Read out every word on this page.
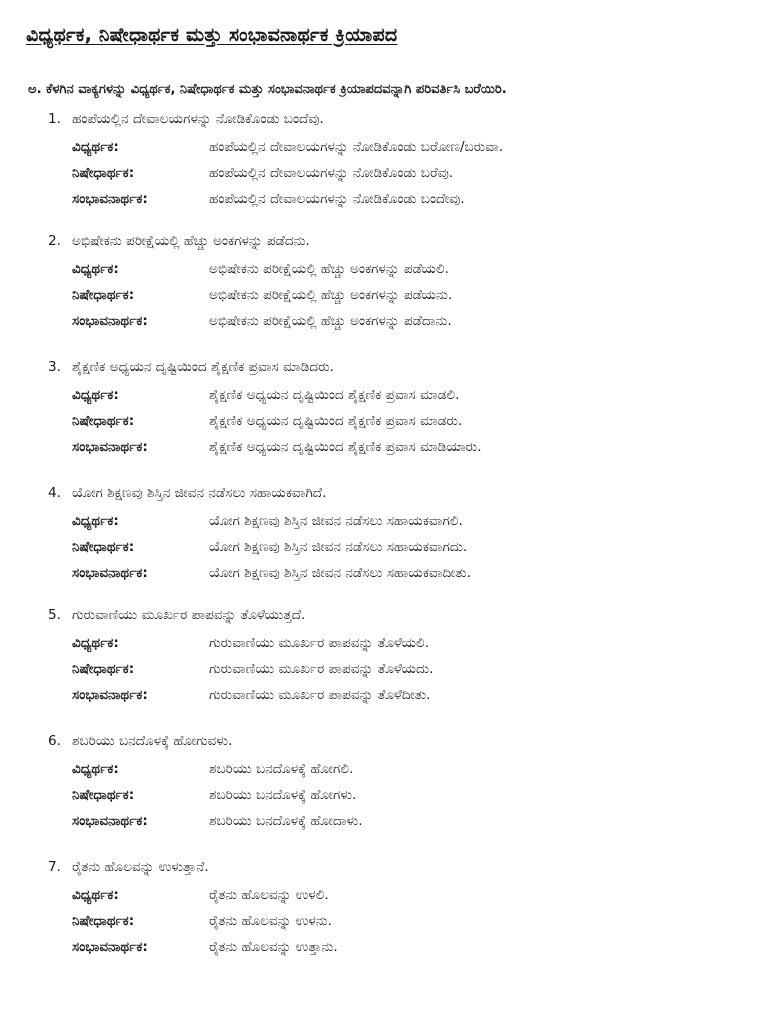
ವಿಧ್ಯರ್ಥಕ, ನಿಷೇಧಾರ್ಥಕ ಮತ್ತು ಸಂಭಾವನಾರ್ಥಕ ಕ್ರಿಯಾಪದ

ಅ. ಕೆಳಗಿನ ವಾಕ್ಯಗಳನ್ನು ವಿಧ್ಯರ್ಥಕ, ನಿಷೇಧಾರ್ಥಕ ಮತ್ತು ಸಂಭಾವನಾರ್ಥಕ ಕ್ರಿಯಾಪದವನ್ನಾಗಿ ಪರಿವರ್ತಿಸಿ ಬರೆಯಿರಿ.

1. ಹಂಪೆಯಲ್ಲಿನ ದೇವಾಲಯಗಳನ್ನು ನೋಡಿಕೊಂಡು ಬಂದೆವು.
ವಿಧ್ಯರ್ಥಕ:	ಹಂಪೆಯಲ್ಲಿನ ದೇವಾಲಯಗಳನ್ನು ನೋಡಿಕೊಂಡು ಬರೋಣ/ಬರುವಾ.
ನಿಷೇಧಾರ್ಥಕ:	ಹಂಪೆಯಲ್ಲಿನ ದೇವಾಲಯಗಳನ್ನು ನೋಡಿಕೊಂಡು ಬರೆವು.
ಸಂಭಾವನಾರ್ಥಕ:	ಹಂಪೆಯಲ್ಲಿನ ದೇವಾಲಯಗಳನ್ನು ನೋಡಿಕೊಂಡು ಬಂದೇವು.
2. ಅಭಿಷೇಕನು ಪರೀಕ್ಷೆಯಲ್ಲಿ ಹೆಚ್ಚು ಅಂಕಗಳನ್ನು ಪಡೆದನು.
ವಿಧ್ಯರ್ಥಕ:	ಅಭಿಷೇಕನು ಪರೀಕ್ಷೆಯಲ್ಲಿ ಹೆಚ್ಚು ಅಂಕಗಳನ್ನು ಪಡೆಯಲಿ.
ನಿಷೇಧಾರ್ಥಕ:	ಅಭಿಷೇಕನು ಪರೀಕ್ಷೆಯಲ್ಲಿ ಹೆಚ್ಚು ಅಂಕಗಳನ್ನು ಪಡೆಯನು.
ಸಂಭಾವನಾರ್ಥಕ:	ಅಭಿಷೇಕನು ಪರೀಕ್ಷೆಯಲ್ಲಿ ಹೆಚ್ಚು ಅಂಕಗಳನ್ನು ಪಡೆದಾನು.
3. ಶೈಕ್ಷಣಿಕ ಅಧ್ಯಯನ ದೃಷ್ಟಿಯಿಂದ ಶೈಕ್ಷಣಿಕ ಪ್ರವಾಸ ಮಾಡಿದರು.
ವಿಧ್ಯರ್ಥಕ:	ಶೈಕ್ಷಣಿಕ ಅಧ್ಯಯನ ದೃಷ್ಟಿಯಿಂದ ಶೈಕ್ಷಣಿಕ ಪ್ರವಾಸ ಮಾಡಲಿ.
ನಿಷೇಧಾರ್ಥಕ:	ಶೈಕ್ಷಣಿಕ ಅಧ್ಯಯನ ದೃಷ್ಟಿಯಿಂದ ಶೈಕ್ಷಣಿಕ ಪ್ರವಾಸ ಮಾಡರು.
ಸಂಭಾವನಾರ್ಥಕ:	ಶೈಕ್ಷಣಿಕ ಅಧ್ಯಯನ ದೃಷ್ಟಿಯಿಂದ ಶೈಕ್ಷಣಿಕ ಪ್ರವಾಸ ಮಾಡಿಯಾರು.
4. ಯೋಗ ಶಿಕ್ಷಣವು ಶಿಸ್ತಿನ ಜೀವನ ನಡೆಸಲು ಸಹಾಯಕವಾಗಿದೆ.
ವಿಧ್ಯರ್ಥಕ:	ಯೋಗ ಶಿಕ್ಷಣವು ಶಿಸ್ತಿನ ಜೀವನ ನಡೆಸಲು ಸಹಾಯಕವಾಗಲಿ.
ನಿಷೇಧಾರ್ಥಕ:	ಯೋಗ ಶಿಕ್ಷಣವು ಶಿಸ್ತಿನ ಜೀವನ ನಡೆಸಲು ಸಹಾಯಕವಾಗದು.
ಸಂಭಾವನಾರ್ಥಕ:	ಯೋಗ ಶಿಕ್ಷಣವು ಶಿಸ್ತಿನ ಜೀವನ ನಡೆಸಲು ಸಹಾಯಕವಾದೀತು.
5. ಗುರುವಾಣಿಯು ಮೂರ್ಖರ ಪಾಪವನ್ನು ತೊಳೆಯುತ್ತದೆ.
ವಿಧ್ಯರ್ಥಕ:	ಗುರುವಾಣಿಯು ಮೂರ್ಖರ ಪಾಪವನ್ನು ತೊಳೆಯಲಿ.
ನಿಷೇಧಾರ್ಥಕ:	ಗುರುವಾಣಿಯು ಮೂರ್ಖರ ಪಾಪವನ್ನು ತೊಳೆಯದು.
ಸಂಭಾವನಾರ್ಥಕ:	ಗುರುವಾಣಿಯು ಮೂರ್ಖರ ಪಾಪವನ್ನು ತೊಳೆದೀತು.
6. ಶಬರಿಯು ಬನದೊಳಕ್ಕೆ ಹೋಗುವಳು.
ವಿಧ್ಯರ್ಥಕ:	ಶಬರಿಯು ಬನದೊಳಕ್ಕೆ ಹೋಗಲಿ.
ನಿಷೇಧಾರ್ಥಕ:	ಶಬರಿಯು ಬನದೊಳಕ್ಕೆ ಹೋಗಳು.
ಸಂಭಾವನಾರ್ಥಕ:	ಶಬರಿಯು ಬನದೊಳಕ್ಕೆ ಹೋದಾಳು.
7. ರೈತನು ಹೊಲವನ್ನು ಉಳುತ್ತಾನೆ.
ವಿಧ್ಯರ್ಥಕ:	ರೈತನು ಹೊಲವನ್ನು ಉಳಲಿ.
ನಿಷೇಧಾರ್ಥಕ:	ರೈತನು ಹೊಲವನ್ನು ಉಳನು.
ಸಂಭಾವನಾರ್ಥಕ:	ರೈತನು ಹೊಲವನ್ನು ಉತ್ತಾನು.
